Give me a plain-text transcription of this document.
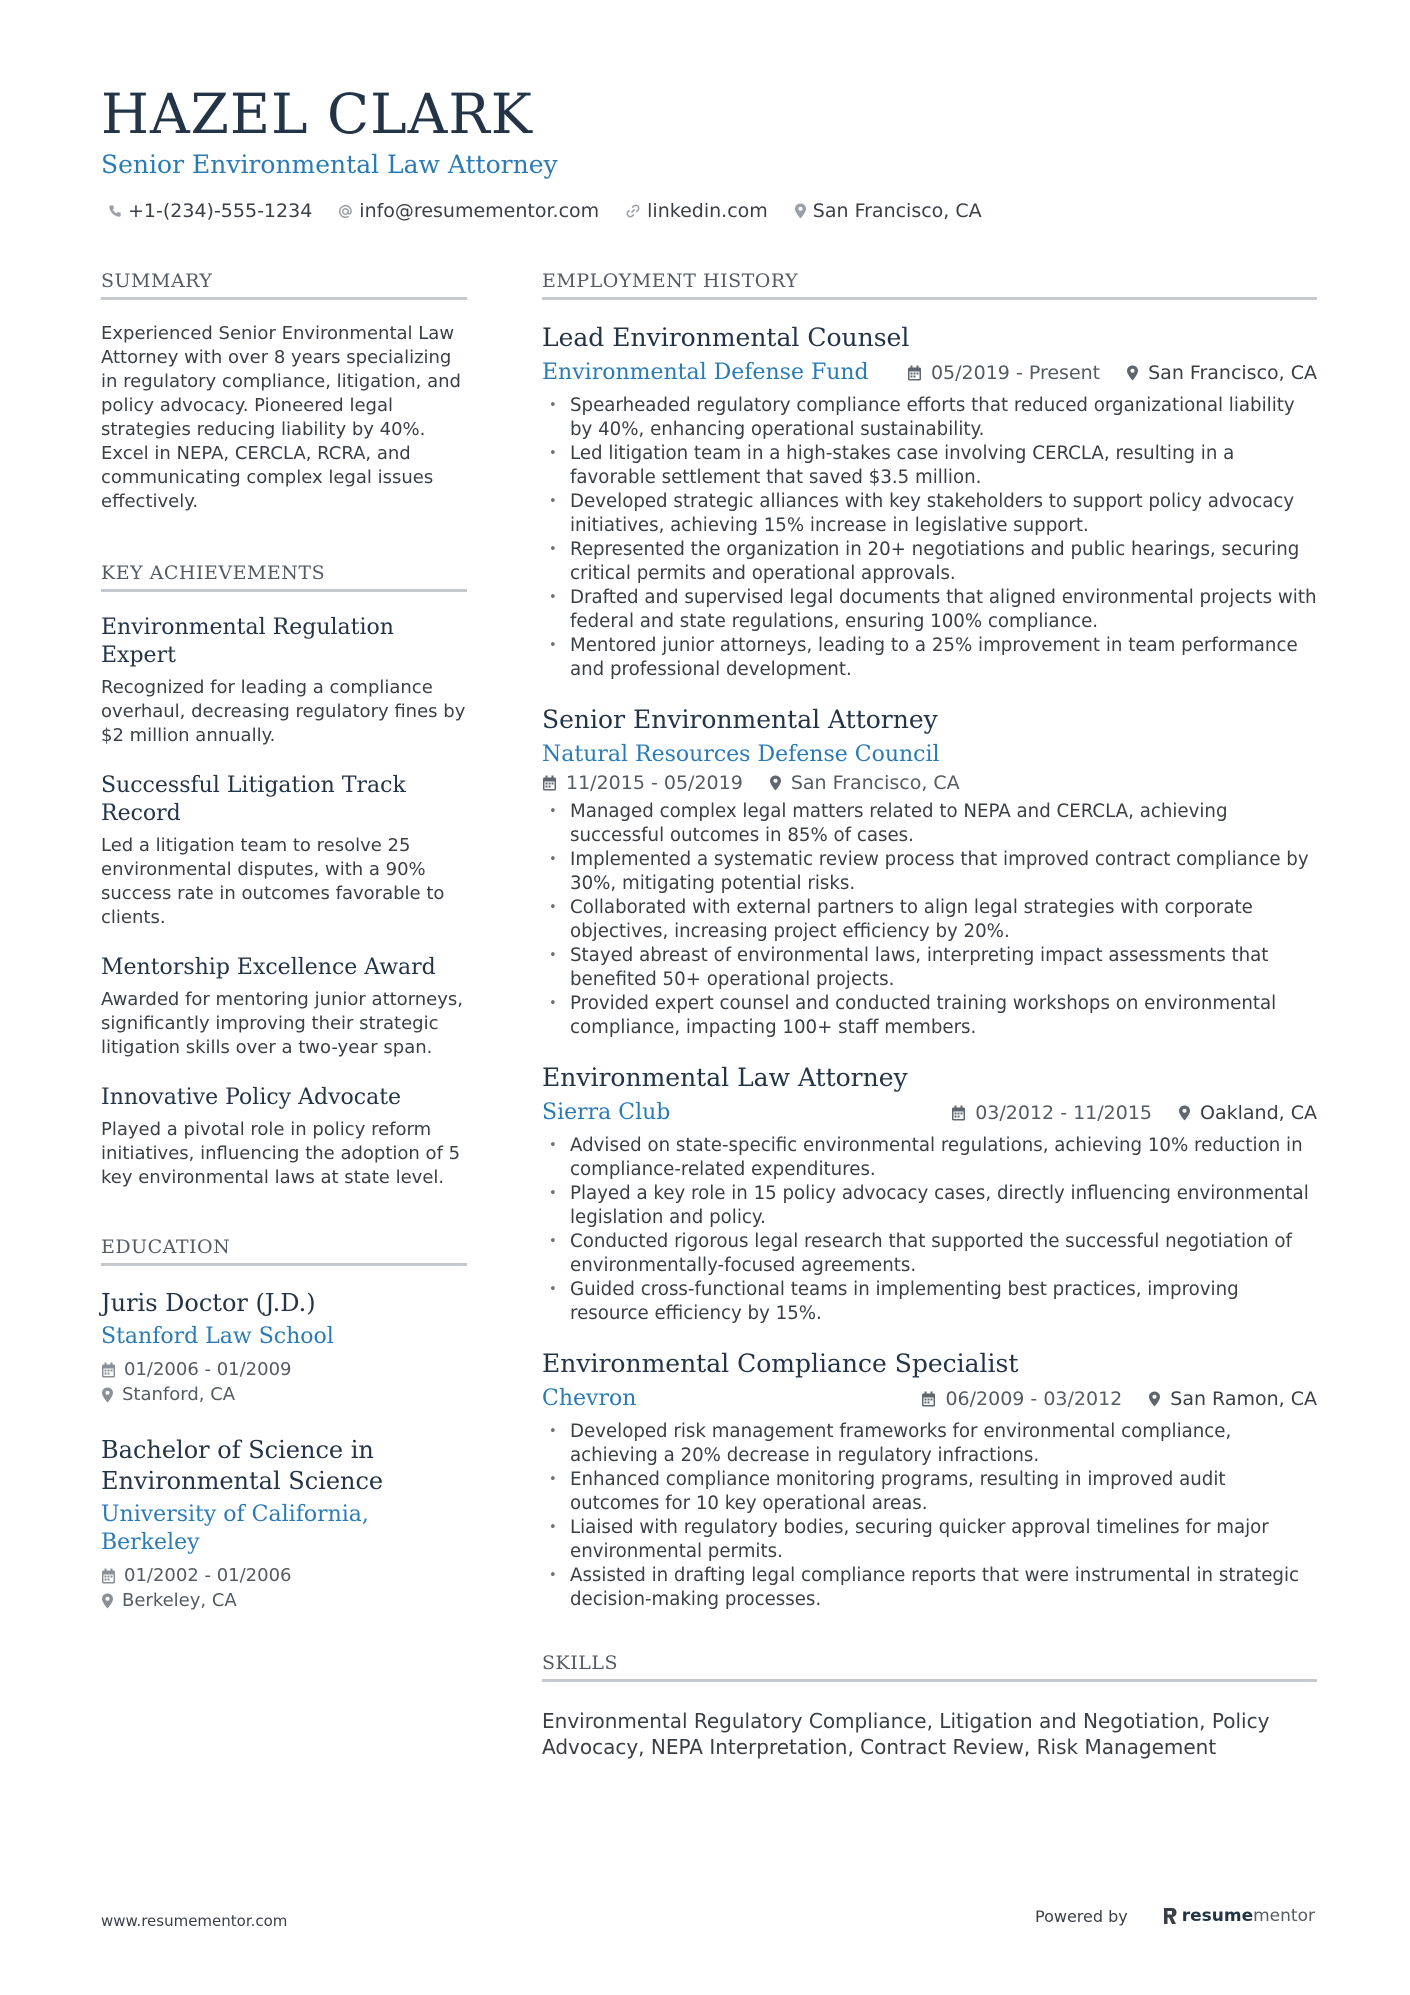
HAZEL CLARK
Senior Environmental Law Attorney
+1-(234)-555-1234 info@resumementor.com	linkedin.com San Francisco, CA
SUMMARY

Experienced Senior Environmental Law Attorney with over 8 years specializing in regulatory compliance, litigation, and policy advocacy. Pioneered legal strategies reducing liability by 40%. Excel in NEPA, CERCLA, RCRA, and communicating complex legal issues effectively.

KEY ACHIEVEMENTS
Environmental Regulation Expert

Recognized for leading a compliance overhaul, decreasing regulatory fines by $2 million annually.

Successful Litigation Track Record

Led a litigation team to resolve 25 environmental disputes, with a 90% success rate in outcomes favorable to clients.

Mentorship Excellence Award

Awarded for mentoring junior attorneys, significantly improving their strategic litigation skills over a two-year span.

Innovative Policy Advocate

Played a pivotal role in policy reform initiatives, influencing the adoption of 5 key environmental laws at state level.

EDUCATION
Juris Doctor (J.D.)
Stanford Law School
01/2006 - 01/2009
Stanford, CA
Bachelor of Science in Environmental Science
University of California, Berkeley
01/2002 - 01/2006
Berkeley, CA
EMPLOYMENT HISTORY
Lead Environmental Counsel
Environmental Defense Fund	05/2019 - Present	San Francisco, CA
• Spearheaded regulatory compliance efforts that reduced organizational liability by 40%, enhancing operational sustainability.
• Led litigation team in a high-stakes case involving CERCLA, resulting in a favorable settlement that saved $3.5 million.
• Developed strategic alliances with key stakeholders to support policy advocacy initiatives, achieving 15% increase in legislative support.
• Represented the organization in 20+ negotiations and public hearings, securing critical permits and operational approvals.
• Drafted and supervised legal documents that aligned environmental projects with federal and state regulations, ensuring 100% compliance.
• Mentored junior attorneys, leading to a 25% improvement in team performance and professional development.
Senior Environmental Attorney
Natural Resources Defense Council
11/2015 - 05/2019	San Francisco, CA
• Managed complex legal matters related to NEPA and CERCLA, achieving successful outcomes in 85% of cases.
• Implemented a systematic review process that improved contract compliance by 30%, mitigating potential risks.
• Collaborated with external partners to align legal strategies with corporate objectives, increasing project efficiency by 20%.
• Stayed abreast of environmental laws, interpreting impact assessments that benefited 50+ operational projects.
• Provided expert counsel and conducted training workshops on environmental compliance, impacting 100+ staff members.
Environmental Law Attorney
Sierra Club	03/2012 - 11/2015	Oakland, CA
• Advised on state-specific environmental regulations, achieving 10% reduction in compliance-related expenditures.
• Played a key role in 15 policy advocacy cases, directly influencing environmental legislation and policy.
• Conducted rigorous legal research that supported the successful negotiation of environmentally-focused agreements.
• Guided cross-functional teams in implementing best practices, improving resource efficiency by 15%.
Environmental Compliance Specialist
Chevron	06/2009 - 03/2012	San Ramon, CA
• Developed risk management frameworks for environmental compliance, achieving a 20% decrease in regulatory infractions.
• Enhanced compliance monitoring programs, resulting in improved audit outcomes for 10 key operational areas.
• Liaised with regulatory bodies, securing quicker approval timelines for major environmental permits.
• Assisted in drafting legal compliance reports that were instrumental in strategic decision-making processes.
SKILLS

Environmental Regulatory Compliance, Litigation and Negotiation, Policy Advocacy, NEPA Interpretation, Contract Review, Risk Management

www.resumementor.com	Powered by	resume mentor
